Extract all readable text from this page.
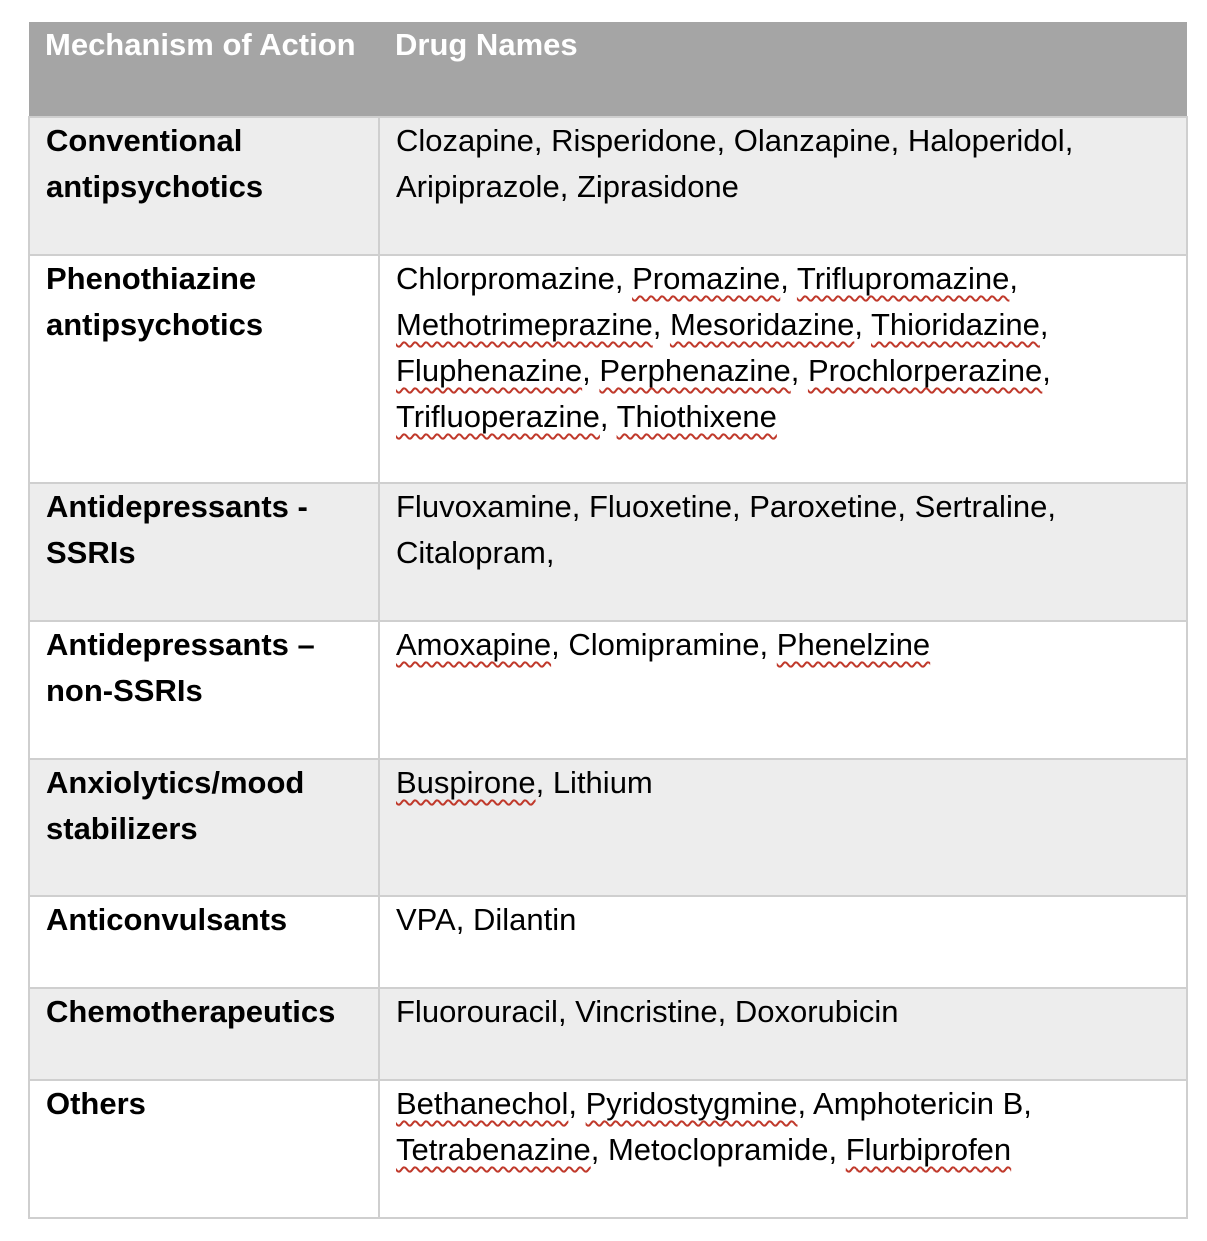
Mechanism of Action	Drug Names
Conventional antipsychotics	Clozapine, Risperidone, Olanzapine, Haloperidol, Aripiprazole, Ziprasidone
Phenothiazine antipsychotics	Chlorpromazine, Promazine, Triflupromazine, Methotrimeprazine, Mesoridazine, Thioridazine, Fluphenazine, Perphenazine, Prochlorperazine, Trifluoperazine, Thiothixene
Antidepressants - SSRIs	Fluvoxamine, Fluoxetine, Paroxetine, Sertraline, Citalopram,
Antidepressants – non-SSRIs	Amoxapine, Clomipramine, Phenelzine
Anxiolytics/mood stabilizers	Buspirone, Lithium
Anticonvulsants	VPA, Dilantin
Chemotherapeutics	Fluorouracil, Vincristine, Doxorubicin
Others	Bethanechol, Pyridostygmine, Amphotericin B, Tetrabenazine, Metoclopramide, Flurbiprofen
